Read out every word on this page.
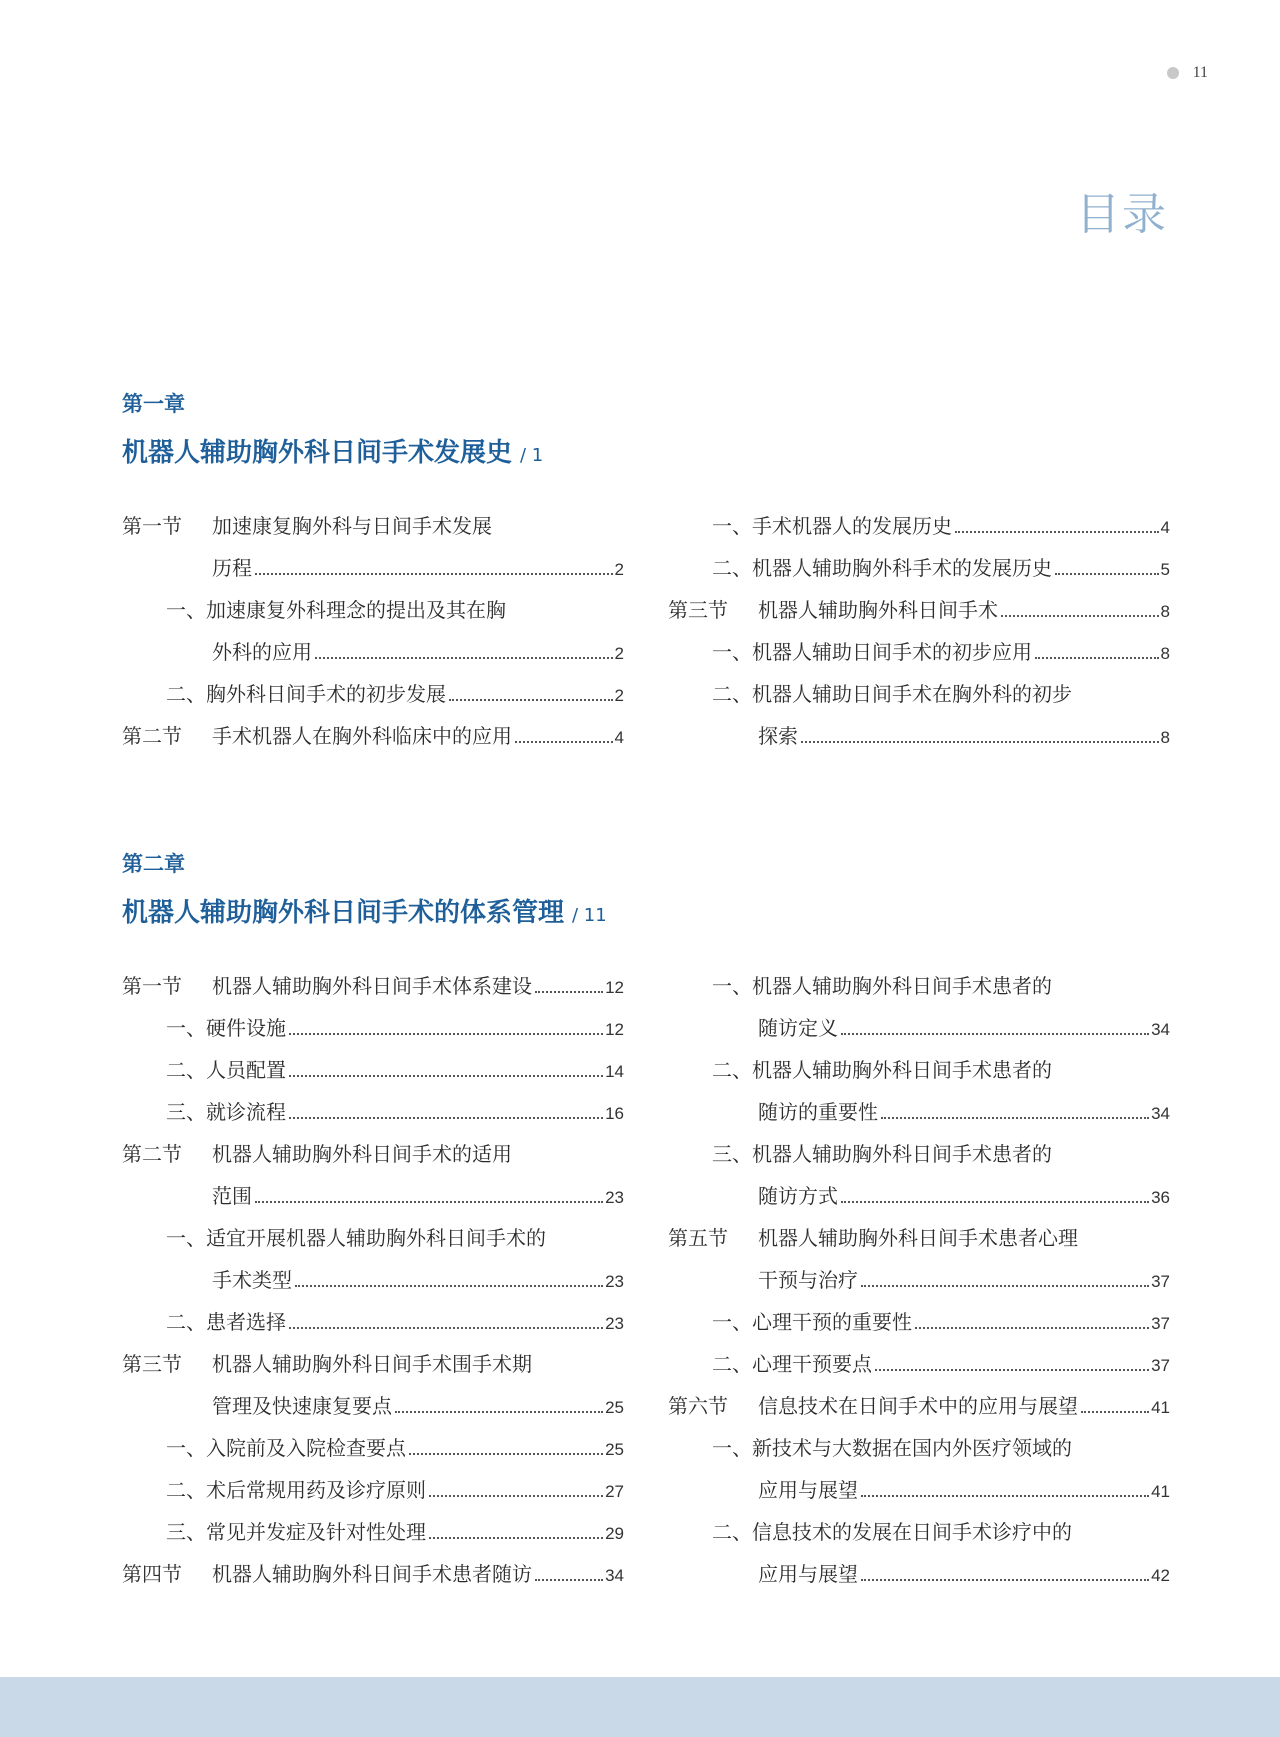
11
目录
第一章
机器人辅助胸外科日间手术发展史 / 1
第一节	加速康复胸外科与日间手术发展
历程	2
一、 加速康复外科理念的提出及其在胸
外科的应用	2
二、 胸外科日间手术的初步发展	2
第二节	手术机器人在胸外科临床中的应用	4
一、 手术机器人的发展历史	4
二、 机器人辅助胸外科手术的发展历史	5
第三节	机器人辅助胸外科日间手术	8
一、 机器人辅助日间手术的初步应用	8
二、 机器人辅助日间手术在胸外科的初步
探索	8
第二章
机器人辅助胸外科日间手术的体系管理 / 11
第一节	机器人辅助胸外科日间手术体系建设	12
一、 硬件设施	12
二、 人员配置	14
三、 就诊流程	16
第二节	机器人辅助胸外科日间手术的适用
范围	23
一、 适宜开展机器人辅助胸外科日间手术的
手术类型	23
二、 患者选择	23
第三节	机器人辅助胸外科日间手术围手术期
管理及快速康复要点	25
一、 入院前及入院检查要点	25
二、 术后常规用药及诊疗原则	27
三、 常见并发症及针对性处理	29
第四节	机器人辅助胸外科日间手术患者随访	34
一、 机器人辅助胸外科日间手术患者的
随访定义	34
二、 机器人辅助胸外科日间手术患者的
随访的重要性	34
三、 机器人辅助胸外科日间手术患者的
随访方式	36
第五节	机器人辅助胸外科日间手术患者心理
干预与治疗	37
一、 心理干预的重要性	37
二、 心理干预要点	37
第六节	信息技术在日间手术中的应用与展望	41
一、 新技术与大数据在国内外医疗领域的
应用与展望	41
二、 信息技术的发展在日间手术诊疗中的
应用与展望	42
